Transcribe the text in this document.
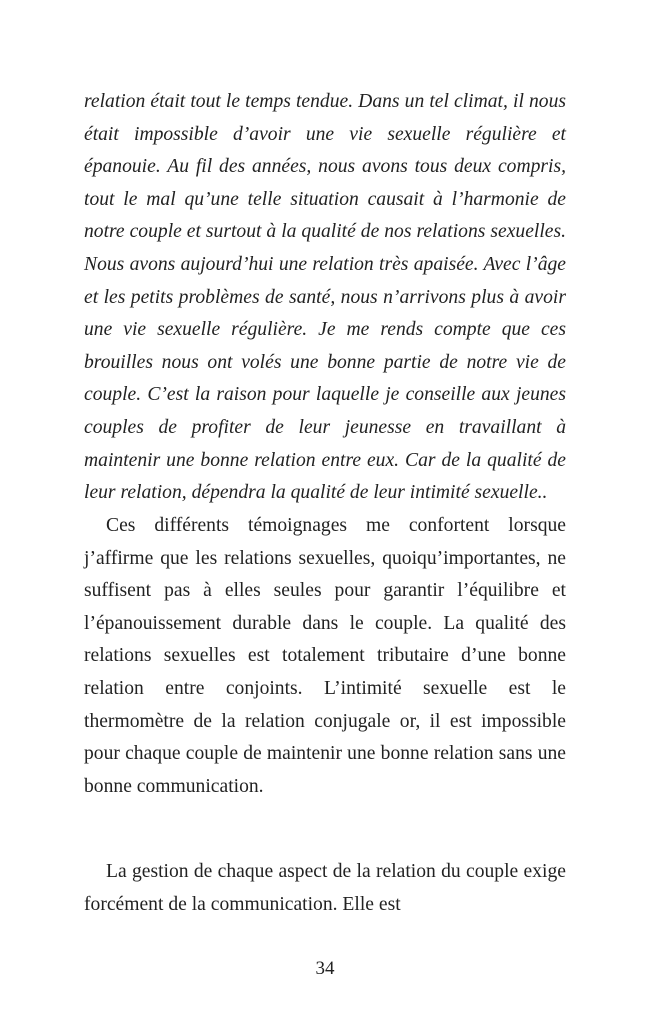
relation était tout le temps tendue. Dans un tel climat, il nous était impossible d’avoir une vie sexuelle régulière et épanouie. Au fil des années, nous avons tous deux compris, tout le mal qu’une telle situation causait à l’harmonie de notre couple et surtout à la qualité de nos relations sexuelles. Nous avons aujourd’hui une relation très apaisée. Avec l’âge et les petits problèmes de santé, nous n’arrivons plus à avoir une vie sexuelle régulière. Je me rends compte que ces brouilles nous ont volés une bonne partie de notre vie de couple. C’est la raison pour laquelle je conseille aux jeunes couples de profiter de leur jeunesse en travaillant à maintenir une bonne relation entre eux. Car de la qualité de leur relation, dépendra la qualité de leur intimité sexuelle..

Ces différents témoignages me confortent lorsque j’affirme que les relations sexuelles, quoiqu’importantes, ne suffisent pas à elles seules pour garantir l’équilibre et l’épanouissement durable dans le couple. La qualité des relations sexuelles est totalement tributaire d’une bonne relation entre conjoints. L’intimité sexuelle est le thermomètre de la relation conjugale or, il est impossible pour chaque couple de maintenir une bonne relation sans une bonne communication.

La gestion de chaque aspect de la relation du couple exige forcément de la communication. Elle est

34
